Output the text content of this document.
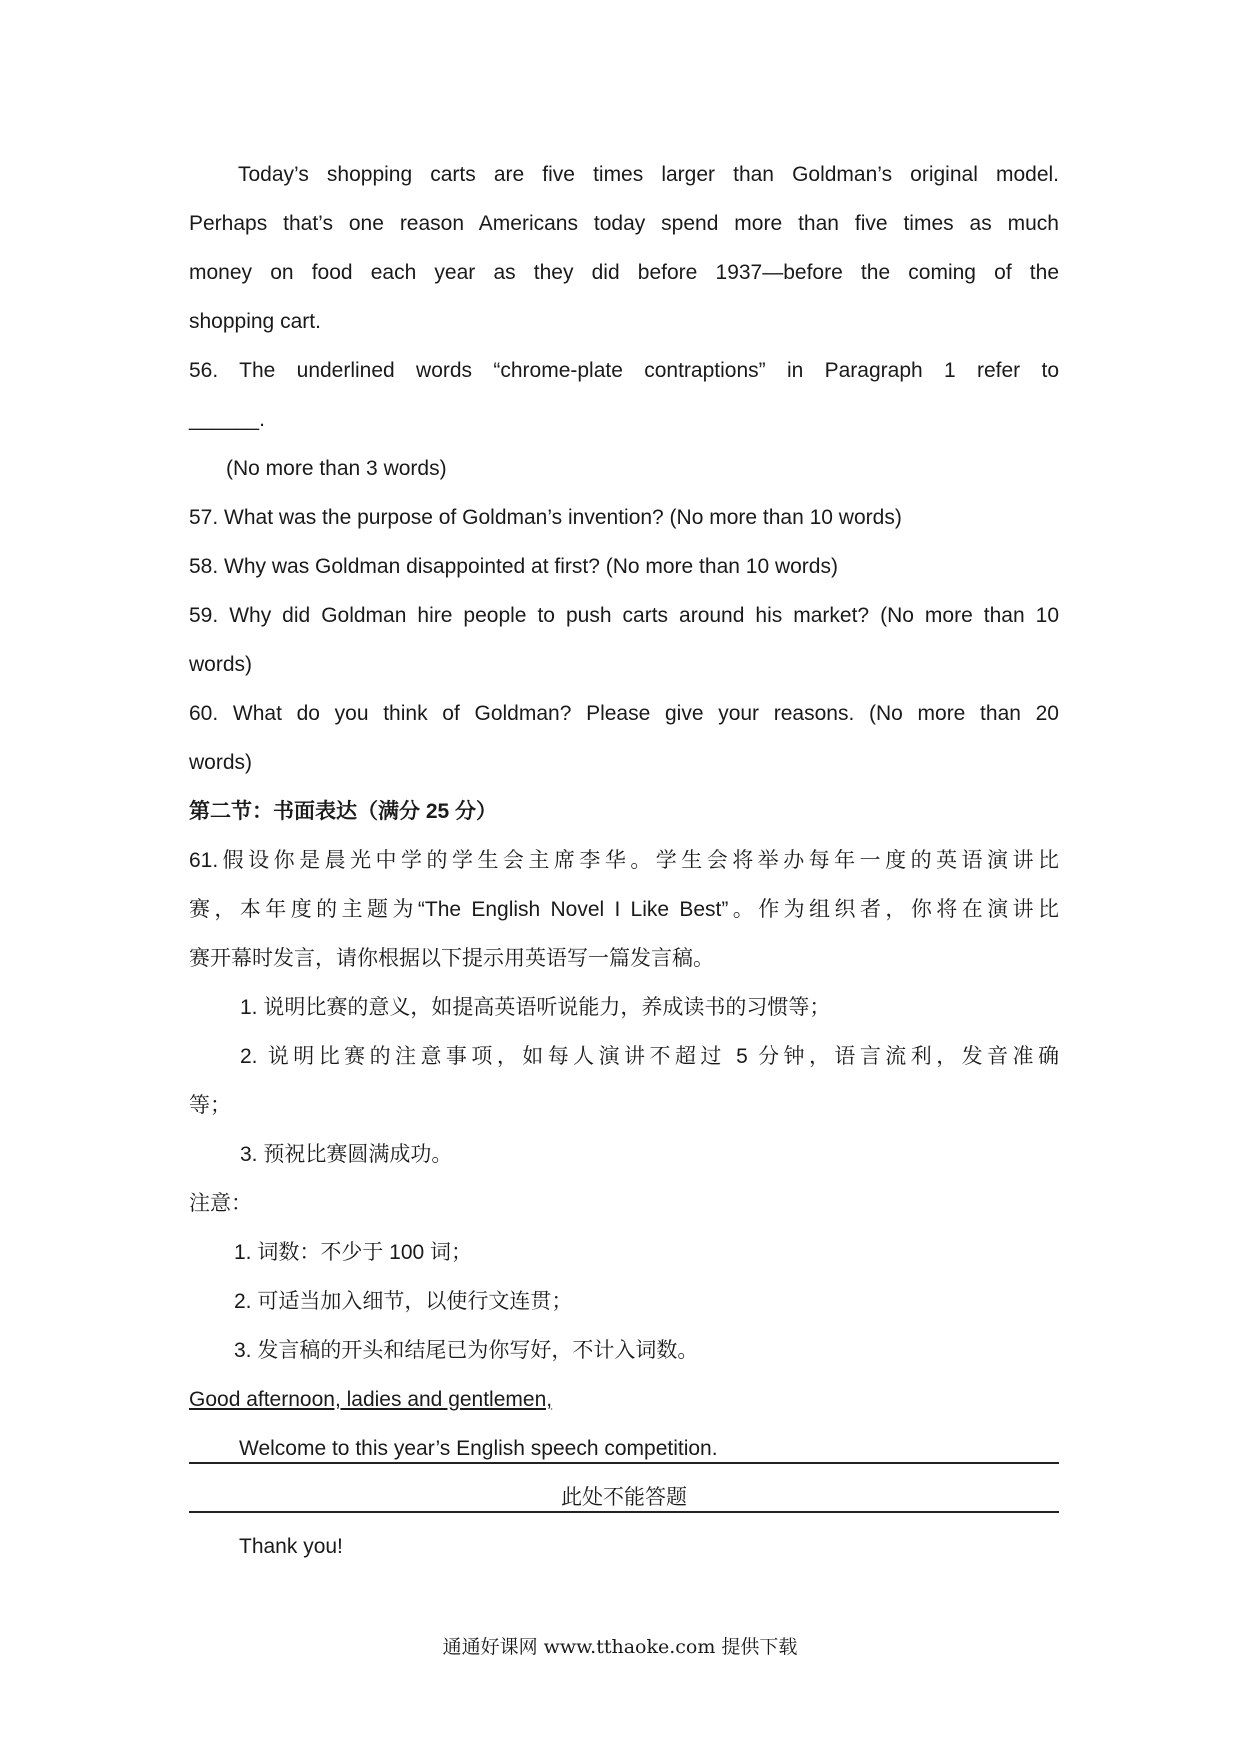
Today’s shopping carts are five times larger than Goldman’s original model.
Perhaps that’s one reason Americans today spend more than five times as much
money on food each year as they did before 1937—before the coming of the
shopping cart.
56. The underlined words “chrome-plate contraptions” in Paragraph 1 refer to
______.
(No more than 3 words)
57. What was the purpose of Goldman’s invention? (No more than 10 words)
58. Why was Goldman disappointed at first? (No more than 10 words)
59. Why did Goldman hire people to push carts around his market? (No more than 10
words)
60. What do you think of Goldman? Please give your reasons. (No more than 20
words)
第二节：书面表达（满分 25 分）
61.假设你是晨光中学的学生会主席李华。学生会将举办每年一度的英语演讲比
赛，本年度的主题为“The English Novel I Like Best”。作为组织者，你将在演讲比
赛开幕时发言，请你根据以下提示用英语写一篇发言稿。
1. 说明比赛的意义，如提高英语听说能力，养成读书的习惯等；
2. 说明比赛的注意事项，如每人演讲不超过 5 分钟，语言流利，发音准确
等；
3. 预祝比赛圆满成功。
注意：
1. 词数：不少于 100 词；
2. 可适当加入细节，以使行文连贯；
3. 发言稿的开头和结尾已为你写好，不计入词数。
Good afternoon, ladies and gentlemen,
Welcome to this year’s English speech competition.
此处不能答题
Thank you!
通通好课网 www.tthaoke.com 提供下载
